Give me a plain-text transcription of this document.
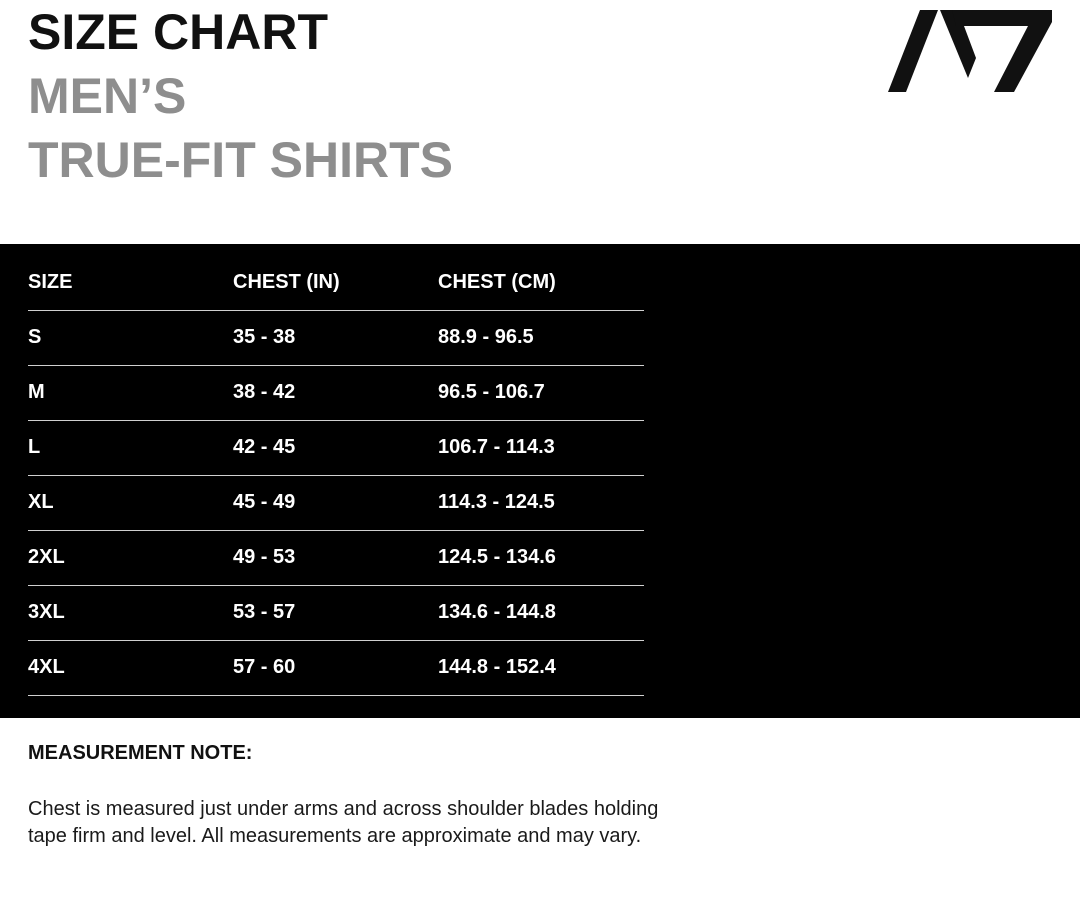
SIZE CHART
MEN’S
TRUE-FIT SHIRTS
SIZE	CHEST (IN)	CHEST (CM)
S	35 - 38	88.9 - 96.5
M	38 - 42	96.5 - 106.7
L	42 - 45	106.7 - 114.3
XL	45 - 49	114.3 - 124.5
2XL	49 - 53	124.5 - 134.6
3XL	53 - 57	134.6 - 144.8
4XL	57 - 60	144.8 - 152.4
MEASUREMENT NOTE:

Chest is measured just under arms and across shoulder blades holding tape firm and level. All measurements are approximate and may vary.
